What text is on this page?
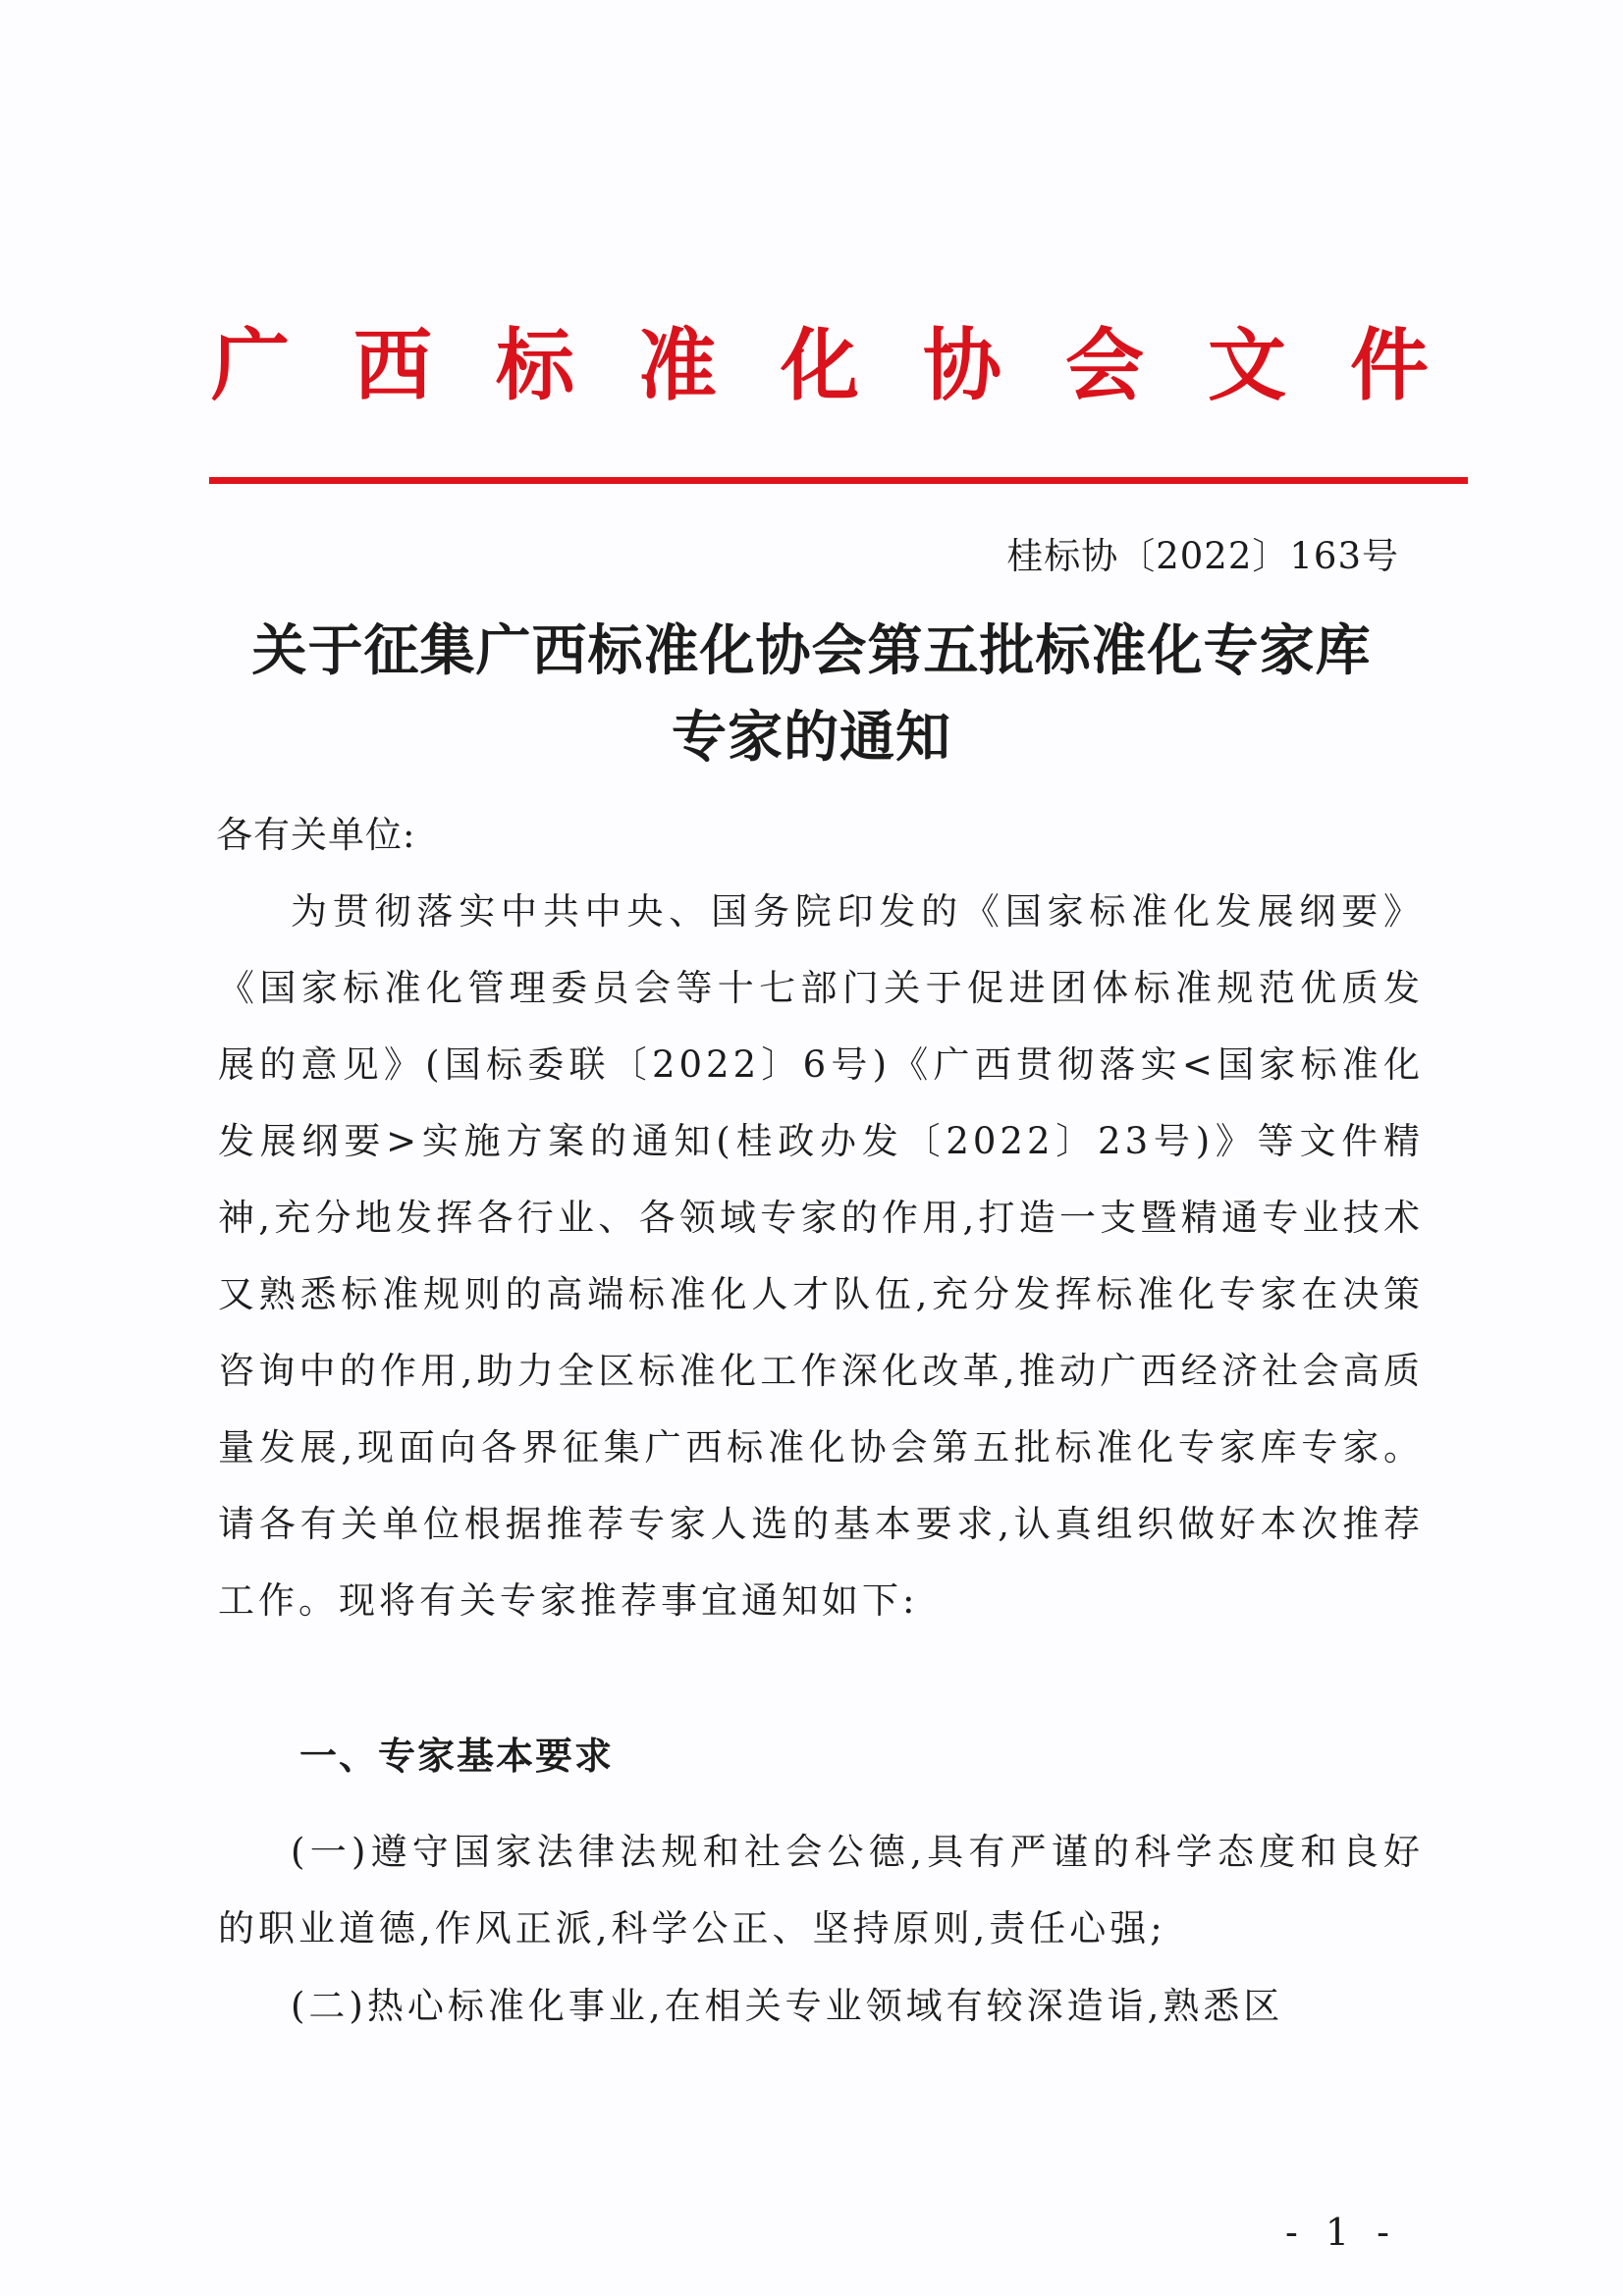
广 西 标 准 化 协 会 文 件
桂标协〔2022〕163号
关于征集广西标准化协会第五批标准化专家库
专家的通知
各有关单位:

为贯彻落实中共中央、国务院印发的《国家标准化发展纲要》《国家标准化管理委员会等十七部门关于促进团体标准规范优质发展的意见》(国标委联〔2022〕6号)《广西贯彻落实<国家标准化发展纲要>实施方案的通知(桂政办发〔2022〕23号)》等文件精神,充分地发挥各行业、各领域专家的作用,打造一支暨精通专业技术又熟悉标准规则的高端标准化人才队伍,充分发挥标准化专家在决策咨询中的作用,助力全区标准化工作深化改革,推动广西经济社会高质量发展,现面向各界征集广西标准化协会第五批标准化专家库专家。请各有关单位根据推荐专家人选的基本要求,认真组织做好本次推荐工作。现将有关专家推荐事宜通知如下:

一、专家基本要求

(一)遵守国家法律法规和社会公德,具有严谨的科学态度和良好的职业道德,作风正派,科学公正、坚持原则,责任心强;

(二)热心标准化事业,在相关专业领域有较深造诣,熟悉区

- 1 -
